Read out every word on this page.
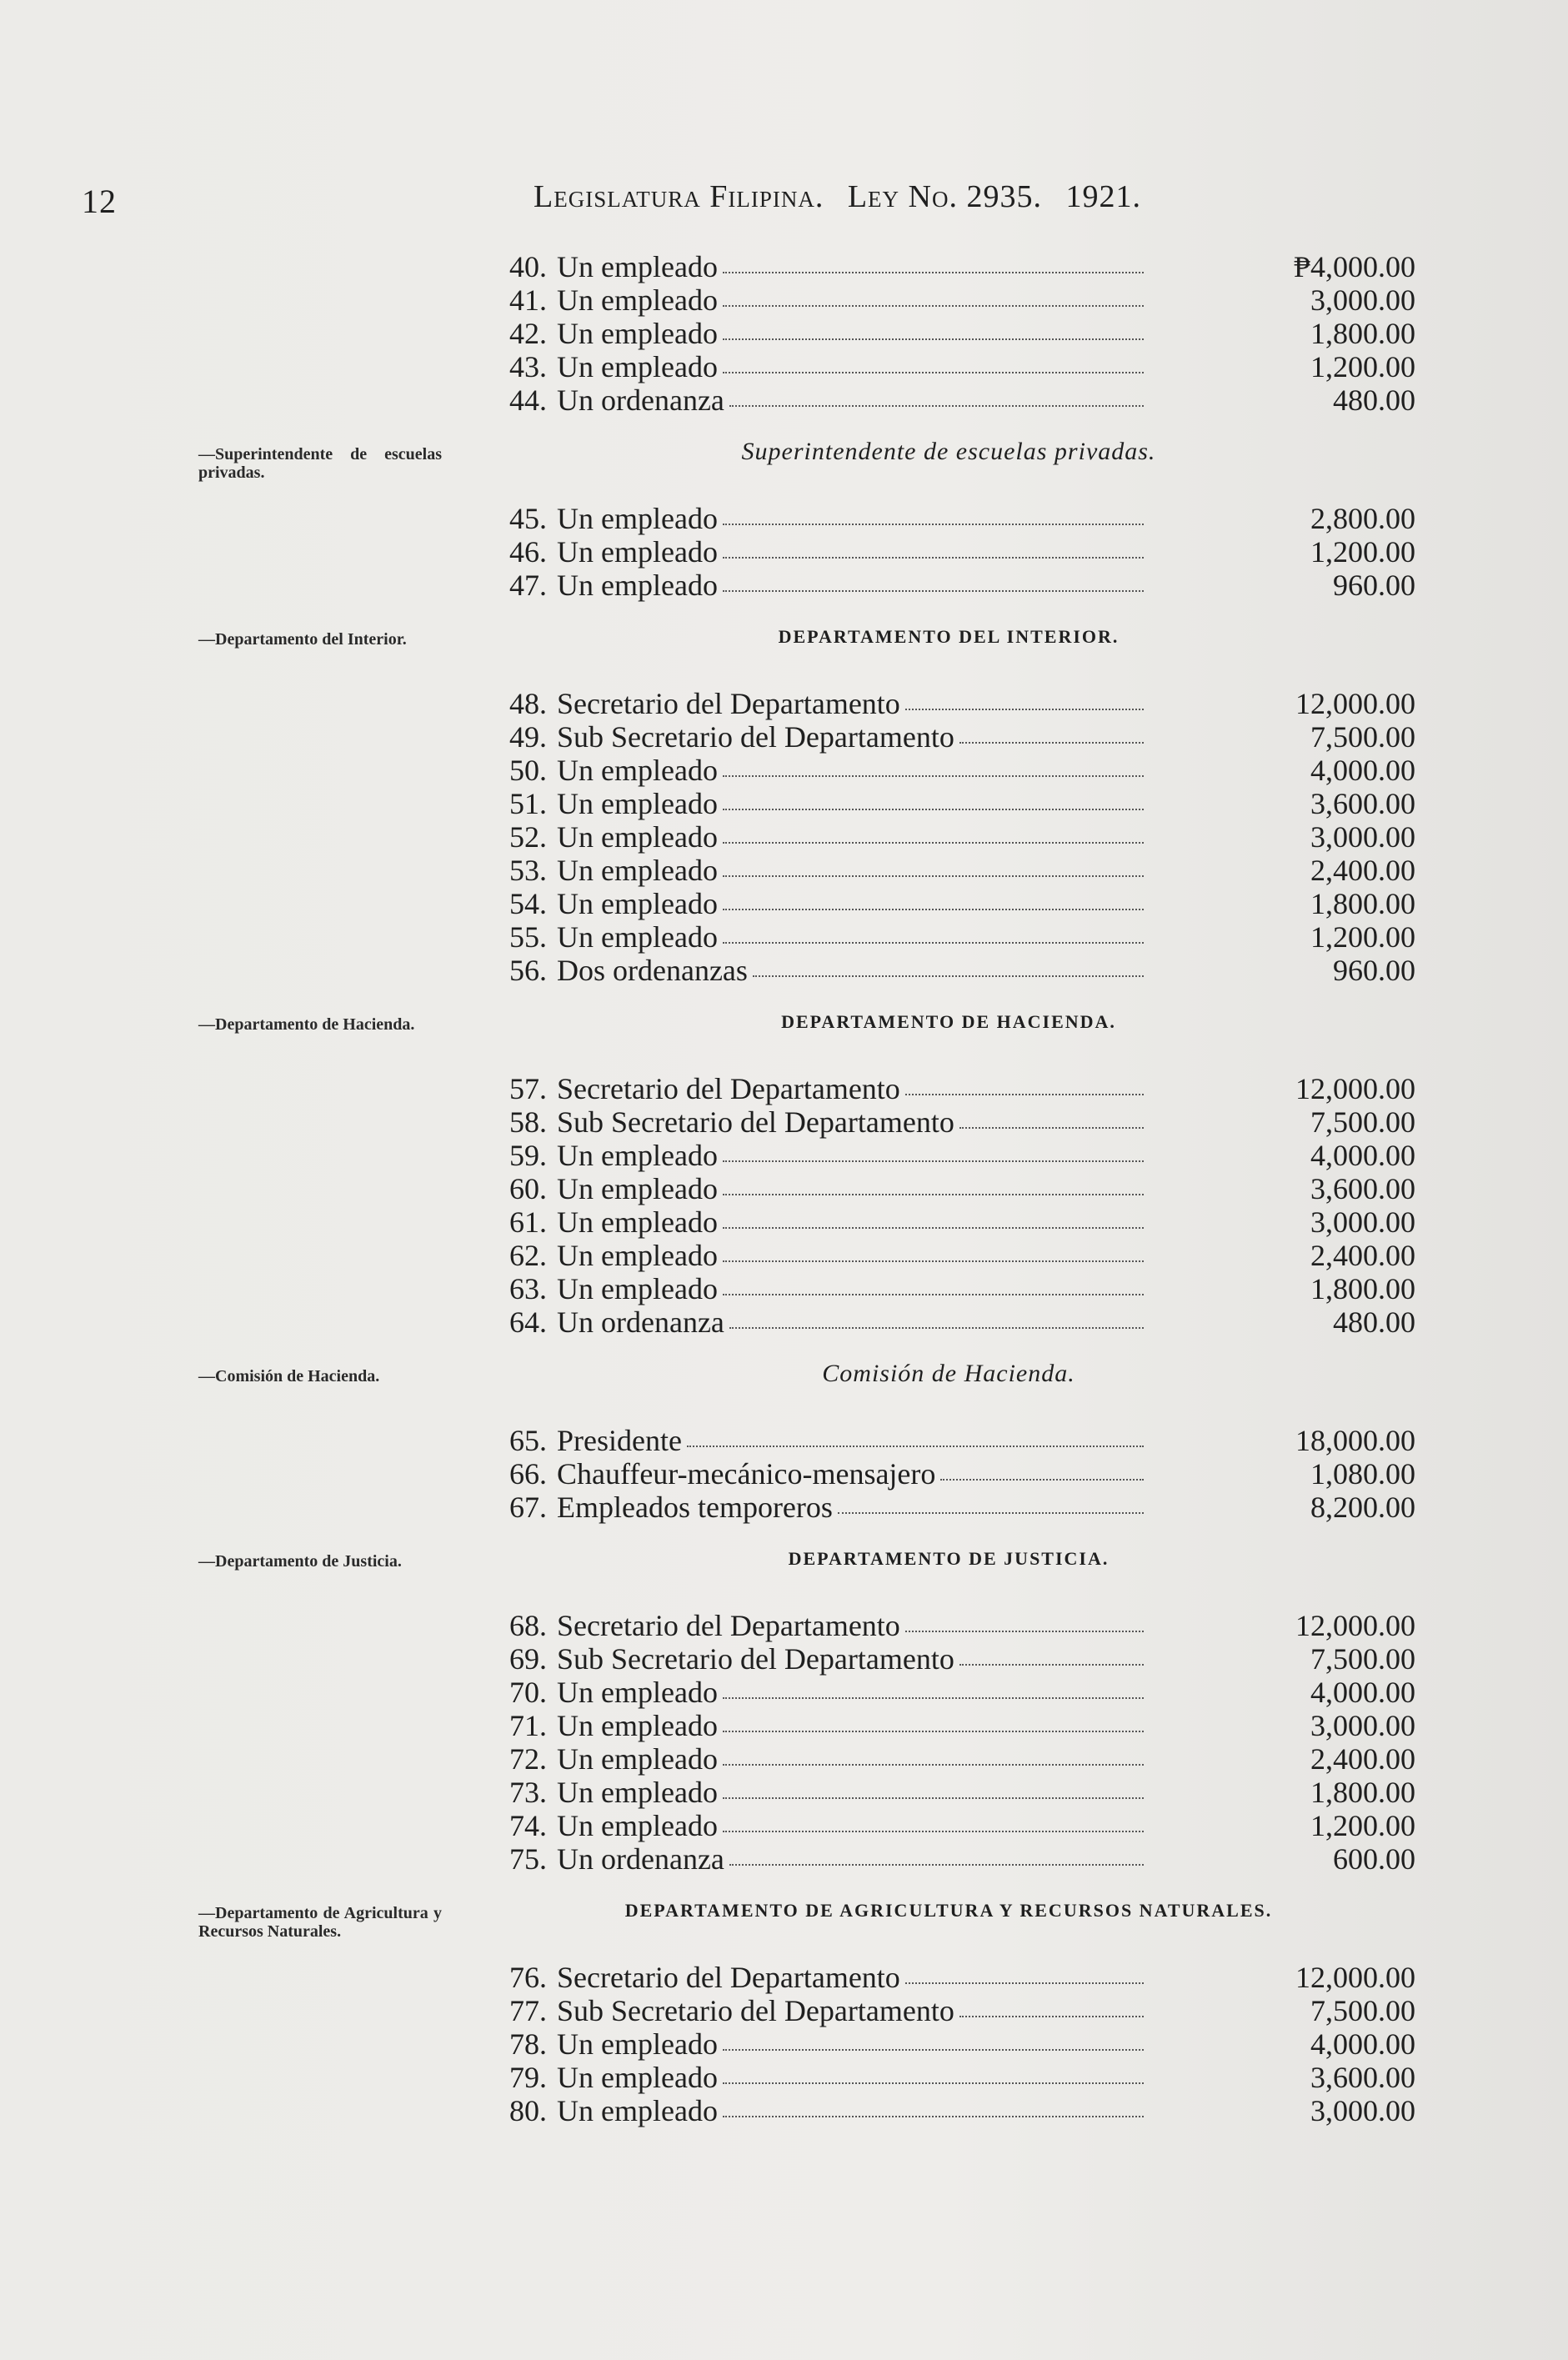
12	Legislatura Filipina. Ley No. 2935. 1921.
40. Un empleado	₱4,000.00
41. Un empleado	3,000.00
42. Un empleado	1,800.00
43. Un empleado	1,200.00
44. Un ordenanza	480.00
—Superintendente de escuelas privadas.
Superintendente de escuelas privadas.
45. Un empleado	2,800.00
46. Un empleado	1,200.00
47. Un empleado	960.00
—Departamento del Interior.	DEPARTAMENTO DEL INTERIOR.
48. Secretario del Departamento	12,000.00
49. Sub Secretario del Departamento	7,500.00
50. Un empleado	4,000.00
51. Un empleado	3,600.00
52. Un empleado	3,000.00
53. Un empleado	2,400.00
54. Un empleado	1,800.00
55. Un empleado	1,200.00
56. Dos ordenanzas	960.00
—Departamento de Hacienda.	DEPARTAMENTO DE HACIENDA.
57. Secretario del Departamento	12,000.00
58. Sub Secretario del Departamento	7,500.00
59. Un empleado	4,000.00
60. Un empleado	3,600.00
61. Un empleado	3,000.00
62. Un empleado	2,400.00
63. Un empleado	1,800.00
64. Un ordenanza	480.00
—Comisión de Hacienda.	Comisión de Hacienda.
65. Presidente	18,000.00
66. Chauffeur-mecánico-mensajero	1,080.00
67. Empleados temporeros	8,200.00
—Departamento de Justicia.	DEPARTAMENTO DE JUSTICIA.
68. Secretario del Departamento	12,000.00
69. Sub Secretario del Departamento	7,500.00
70. Un empleado	4,000.00
71. Un empleado	3,000.00
72. Un empleado	2,400.00
73. Un empleado	1,800.00
74. Un empleado	1,200.00
75. Un ordenanza	600.00
—Departamento de Agricultura y Recursos Naturales.
DEPARTAMENTO DE AGRICULTURA Y RECURSOS NATURALES.
76. Secretario del Departamento	12,000.00
77. Sub Secretario del Departamento	7,500.00
78. Un empleado	4,000.00
79. Un empleado	3,600.00
80. Un empleado	3,000.00
